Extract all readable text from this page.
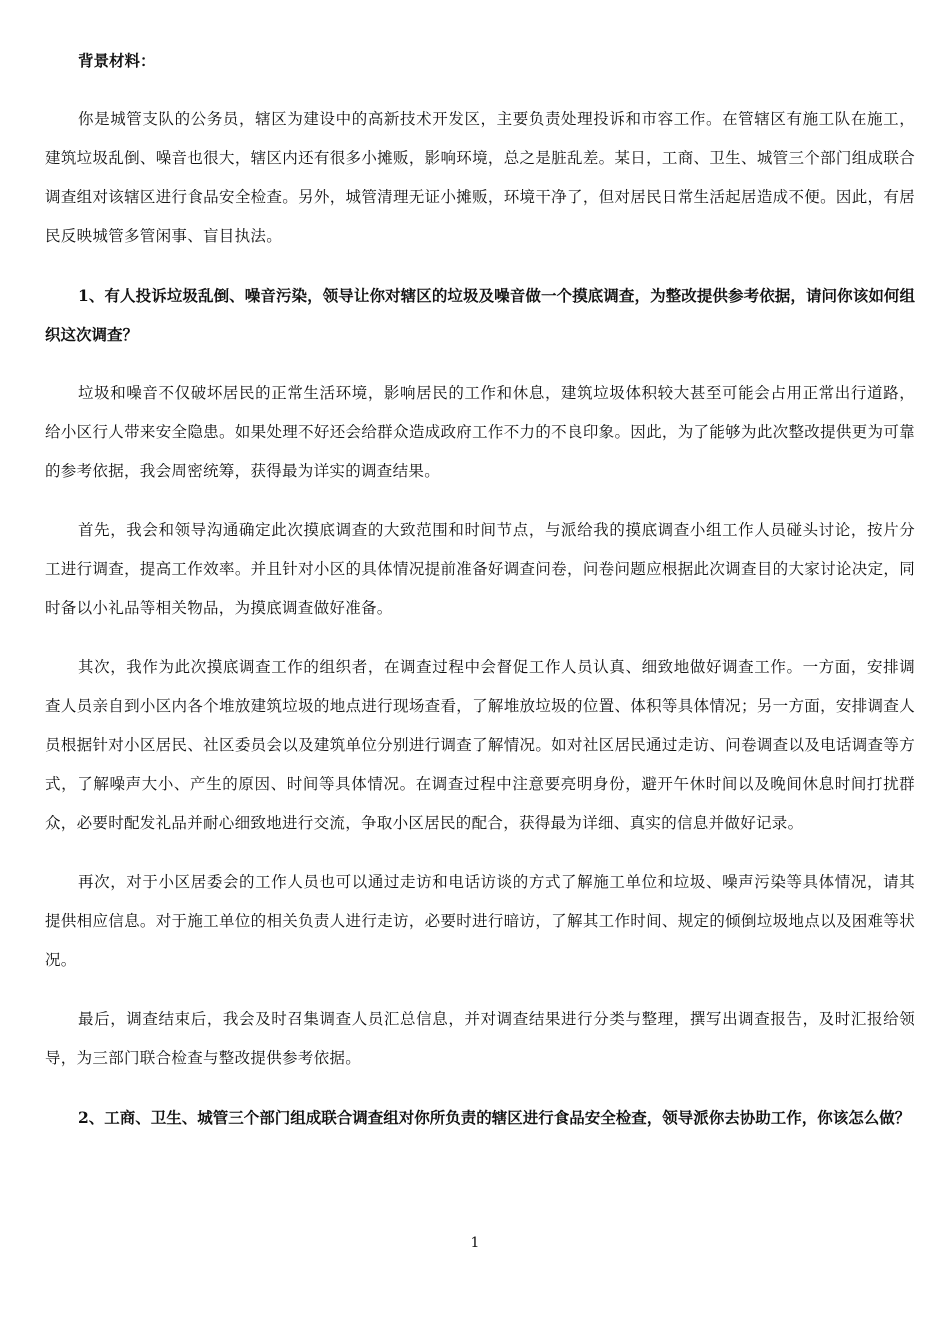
背景材料：

你是城管支队的公务员，辖区为建设中的高新技术开发区，主要负责处理投诉和市容工作。在管辖区有施工队在施工，建筑垃圾乱倒、噪音也很大，辖区内还有很多小摊贩，影响环境，总之是脏乱差。某日，工商、卫生、城管三个部门组成联合调查组对该辖区进行食品安全检查。另外，城管清理无证小摊贩，环境干净了，但对居民日常生活起居造成不便。因此，有居民反映城管多管闲事、盲目执法。

1、有人投诉垃圾乱倒、噪音污染，领导让你对辖区的垃圾及噪音做一个摸底调查，为整改提供参考依据，请问你该如何组织这次调查？

垃圾和噪音不仅破坏居民的正常生活环境，影响居民的工作和休息，建筑垃圾体积较大甚至可能会占用正常出行道路，给小区行人带来安全隐患。如果处理不好还会给群众造成政府工作不力的不良印象。因此，为了能够为此次整改提供更为可靠的参考依据，我会周密统筹，获得最为详实的调查结果。

首先，我会和领导沟通确定此次摸底调查的大致范围和时间节点，与派给我的摸底调查小组工作人员碰头讨论，按片分工进行调查，提高工作效率。并且针对小区的具体情况提前准备好调查问卷，问卷问题应根据此次调查目的大家讨论决定，同时备以小礼品等相关物品，为摸底调查做好准备。

其次，我作为此次摸底调查工作的组织者，在调查过程中会督促工作人员认真、细致地做好调查工作。一方面，安排调查人员亲自到小区内各个堆放建筑垃圾的地点进行现场查看，了解堆放垃圾的位置、体积等具体情况；另一方面，安排调查人员根据针对小区居民、社区委员会以及建筑单位分别进行调查了解情况。如对社区居民通过走访、问卷调查以及电话调查等方式，了解噪声大小、产生的原因、时间等具体情况。在调查过程中注意要亮明身份，避开午休时间以及晚间休息时间打扰群众，必要时配发礼品并耐心细致地进行交流，争取小区居民的配合，获得最为详细、真实的信息并做好记录。

再次，对于小区居委会的工作人员也可以通过走访和电话访谈的方式了解施工单位和垃圾、噪声污染等具体情况，请其提供相应信息。对于施工单位的相关负责人进行走访，必要时进行暗访，了解其工作时间、规定的倾倒垃圾地点以及困难等状况。

最后，调查结束后，我会及时召集调查人员汇总信息，并对调查结果进行分类与整理，撰写出调查报告，及时汇报给领导，为三部门联合检查与整改提供参考依据。

2、工商、卫生、城管三个部门组成联合调查组对你所负责的辖区进行食品安全检查，领导派你去协助工作，你该怎么做？

1
